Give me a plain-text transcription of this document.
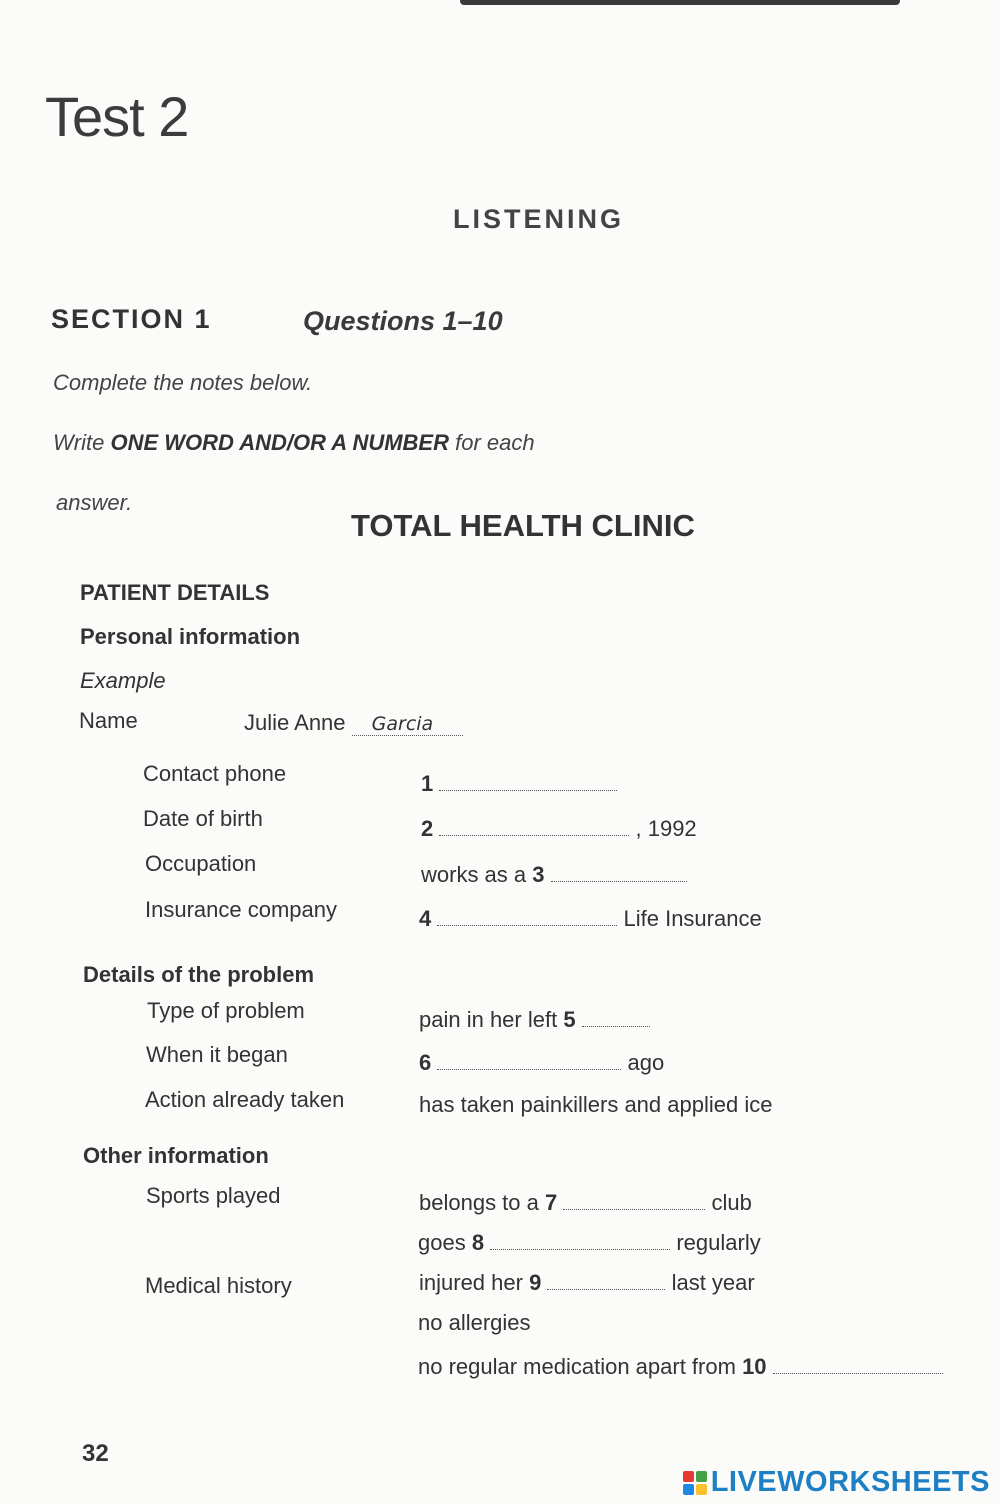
Test 2
LISTENING
SECTION 1	Questions 1–10
Complete the notes below.
Write ONE WORD AND/OR A NUMBER for each
answer.
TOTAL HEALTH CLINIC
PATIENT DETAILS
Personal information
Example
Name	Julie Anne Garcia
Contact phone	1
Date of birth	2	, 1992
Occupation	works as a 3
Insurance company	4	Life Insurance
Details of the problem
Type of problem	pain in her left 5
When it began	6	ago
Action already taken	has taken painkillers and applied ice
Other information
Sports played	belongs to a 7	club
goes 8	regularly
Medical history	injured her 9	last year
no allergies
no regular medication apart from 10
32
LIVEWORKSHEETS
